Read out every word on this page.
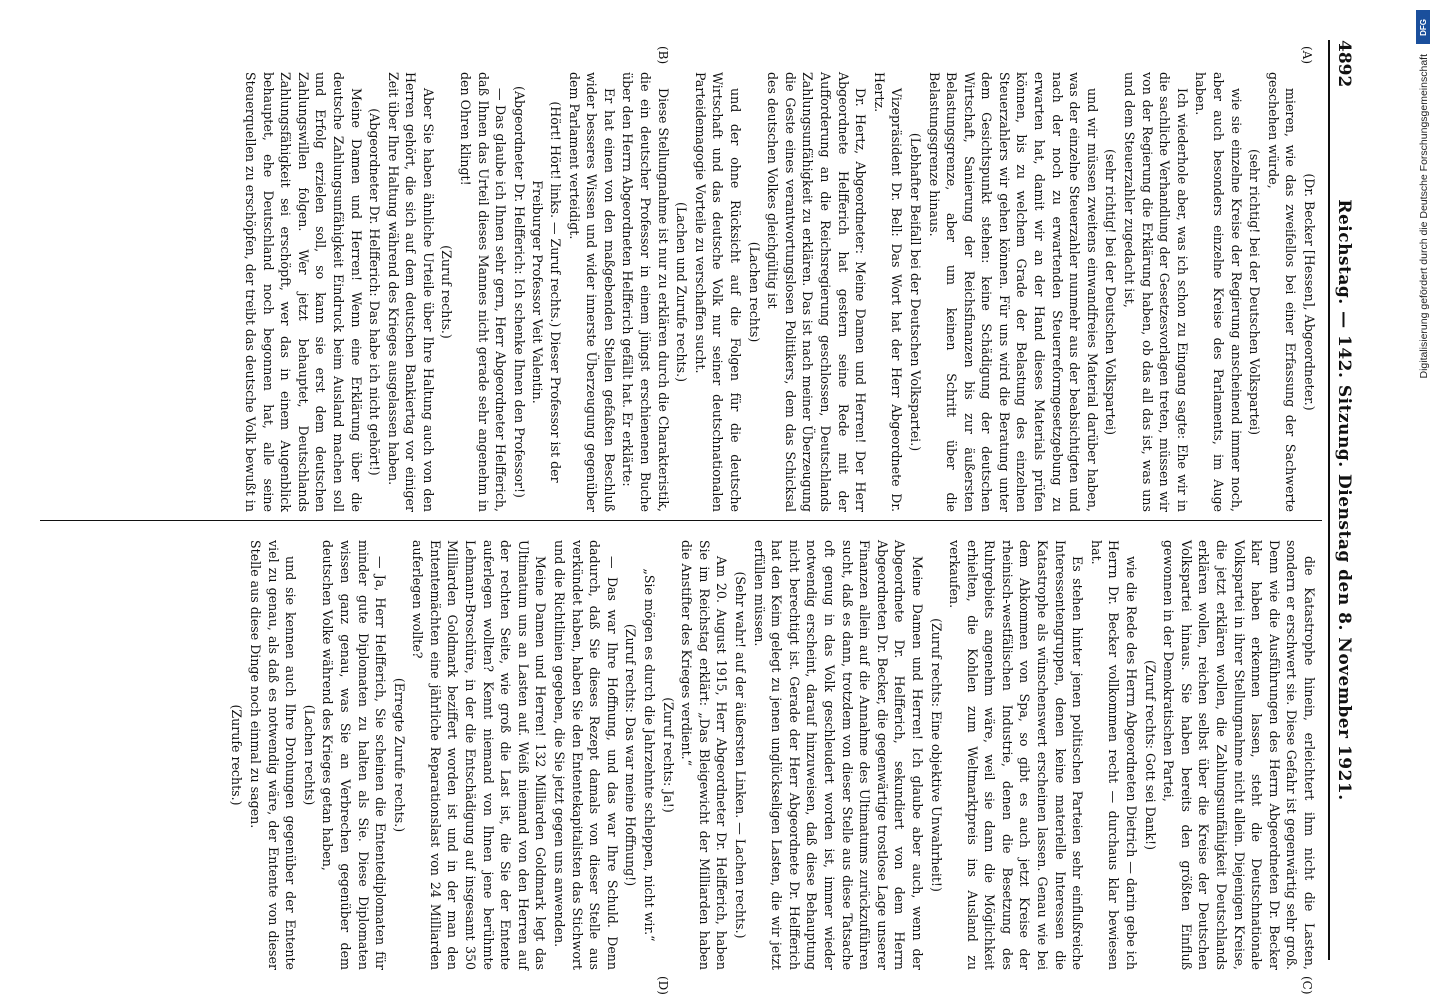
4892
Reichstag. — 142. Sitzung. Dienstag den 8. November 1921.
(A)
(B)
(C)
(D)

(Dr. Becker [Hessen], Abgeordneter.)

mieren, wie das zweifellos bei einer Erfassung der Sachwerte geschehen würde,

(sehr richtig! bei der Deutschen Volkspartei)

wie sie einzelne Kreise der Regierung anscheinend immer noch, aber auch besonders einzelne Kreise des Parlaments, im Auge haben.

Ich wiederhole aber, was ich schon zu Eingang sagte: Ehe wir in die sachliche Verhandlung der Gesetzesvorlagen treten, müssen wir von der Regierung die Erklärung haben, ob das all das ist, was uns und dem Steuerzahler zugedacht ist,

(sehr richtig! bei der Deutschen Volkspartei)

und wir müssen zweitens einwandfreies Material darüber haben, was der einzelne Steuerzahler nunmehr aus der beabsichtigten und nach der noch zu erwartenden Steuerreformgesetzgebung zu erwarten hat, damit wir an der Hand dieses Materials prüfen können, bis zu welchem Grade der Belastung des einzelnen Steuerzahlers wir gehen können. Für uns wird die Beratung unter dem Gesichtspunkt stehen: keine Schädigung der deutschen Wirtschaft, Sanierung der Reichsfinanzen bis zur äußersten Belastungsgrenze, aber um keinen Schritt über die Belastungsgrenze hinaus.

(Lebhafter Beifall bei der Deutschen Volkspartei.)

Vizepräsident Dr. Bell: Das Wort hat der Herr Abgeordnete Dr. Hertz.

Dr. Hertz, Abgeordneter: Meine Damen und Herren! Der Herr Abgeordnete Helfferich hat gestern seine Rede mit der Aufforderung an die Reichsregierung geschlossen, Deutschlands Zahlungsunfähigkeit zu erklären. Das ist nach meiner Überzeugung die Geste eines verantwortungslosen Politikers, dem das Schicksal des deutschen Volkes gleichgültig ist

(Lachen rechts)

und der ohne Rücksicht auf die Folgen für die deutsche Wirtschaft und das deutsche Volk nur seiner deutschnationalen Parteidemagogie Vorteile zu verschaffen sucht.

(Lachen und Zurufe rechts.)

Diese Stellungnahme ist nur zu erklären durch die Charakteristik, die ein deutscher Professor in einem jüngst erschienenen Buche über den Herrn Abgeordneten Helfferich gefällt hat. Er erklärte:

Er hat einen von den maßgebenden Stellen gefaßten Beschluß wider besseres Wissen und wider innerste Überzeugung gegenüber dem Parlament verteidigt.

(Hört! Hört! links. — Zuruf rechts.) Dieser Professor ist der Freiburger Professor Veit Valentin.

(Abgeordneter Dr. Helfferich: Ich schenke Ihnen den Professor!)

— Das glaube ich Ihnen sehr gern, Herr Abgeordneter Helfferich, daß Ihnen das Urteil dieses Mannes nicht gerade sehr angenehm in den Ohren klingt!

(Zuruf rechts.)

Aber Sie haben ähnliche Urteile über Ihre Haltung auch von den Herren gehört, die sich auf dem deutschen Bankiertag vor einiger Zeit über Ihre Haltung während des Krieges ausgelassen haben.

(Abgeordneter Dr. Helfferich: Das habe ich nicht gehört!)

Meine Damen und Herren! Wenn eine Erklärung über die deutsche Zahlungsunfähigkeit Eindruck beim Ausland machen soll und Erfolg erzielen soll, so kann sie erst dem deutschen Zahlungswillen folgen. Wer jetzt behauptet, Deutschlands Zahlungsfähigkeit sei erschöpft, wer das in einem Augenblick behauptet, ehe Deutschland noch begonnen hat, alle seine Steuerquellen zu erschöpfen, der treibt das deutsche Volk bewußt in

die Katastrophe hinein, erleichtert ihm nicht die Lasten, sondern er erschwert sie. Diese Gefahr ist gegenwärtig sehr groß. Denn wie die Ausführungen des Herrn Abgeordneten Dr. Becker klar haben erkennen lassen, steht die Deutschnationale Volkspartei in ihrer Stellungnahme nicht allein. Diejenigen Kreise, die jetzt erklären wollen, die Zahlungsunfähigkeit Deutschlands erklären wollen, reichen selbst über die Kreise der Deutschen Volkspartei hinaus. Sie haben bereits den größten Einfluß gewonnen in der Demokratischen Partei,

(Zuruf rechts: Gott sei Dank!)

wie die Rede des Herrn Abgeordneten Dietrich — darin gebe ich Herrn Dr. Becker vollkommen recht — durchaus klar bewiesen hat.

Es stehen hinter jenen politischen Parteien sehr einflußreiche Interessentengruppen, denen keine materielle Interessen die Katastrophe als wünschenswert erscheinen lassen. Genau wie bei dem Abkommen von Spa, so gibt es auch jetzt Kreise der rheinisch-westfälischen Industrie, denen die Besetzung des Ruhrgebiets angenehm wäre, weil sie dann die Möglichkeit erhielten, die Kohlen zum Weltmarktpreis ins Ausland zu verkaufen.

(Zuruf rechts: Eine objektive Unwahrheit!)

Meine Damen und Herren! Ich glaube aber auch, wenn der Abgeordnete Dr. Helfferich, sekundiert von dem Herrn Abgeordneten Dr. Becker, die gegenwärtige trostlose Lage unserer Finanzen allein auf die Annahme des Ultimatums zurückzuführen sucht, daß es dann, trotzdem von dieser Stelle aus diese Tatsache oft genug in das Volk geschleudert worden ist, immer wieder notwendig erscheint, darauf hinzuweisen, daß diese Behauptung nicht berechtigt ist. Gerade der Herr Abgeordnete Dr. Helfferich hat den Keim gelegt zu jenen unglückseligen Lasten, die wir jetzt erfüllen müssen.

(Sehr wahr! auf der äußersten Linken. — Lachen rechts.)

Am 20. August 1915, Herr Abgeordneter Dr. Helfferich, haben Sie im Reichstag erklärt: „Das Bleigewicht der Milliarden haben die Anstifter des Krieges verdient.“

(Zuruf rechts: Ja!)

„Sie mögen es durch die Jahrzehnte schleppen, nicht wir.“

(Zuruf rechts: Das war meine Hoffnung!)

— Das war Ihre Hoffnung, und das war Ihre Schuld. Denn dadurch, daß Sie dieses Rezept damals von dieser Stelle aus verkündet haben, haben Sie den Ententekapitalisten das Stichwort und die Richtlinien gegeben, die Sie jetzt gegen uns anwenden.

Meine Damen und Herren! 132 Milliarden Goldmark legt das Ultimatum uns an Lasten auf. Weiß niemand von den Herren auf der rechten Seite, wie groß die Last ist, die Sie der Entente auferlegen wollten? Kennt niemand von Ihnen jene berühmte Lehmann-Broschüre, in der die Entschädigung auf insgesamt 350 Milliarden Goldmark beziffert worden ist und in der man den Ententemächten eine jährliche Reparationslast von 24 Milliarden auferlegen wollte?

(Erregte Zurufe rechts.)

— Ja, Herr Helfferich, Sie scheinen die Ententediplomaten für minder gute Diplomaten zu halten als Sie. Diese Diplomaten wissen ganz genau, was Sie an Verbrechen gegenüber dem deutschen Volke während des Krieges getan haben,

(Lachen rechts)

und sie kennen auch Ihre Drohungen gegenüber der Entente viel zu genau, als daß es notwendig wäre, der Entente von dieser Stelle aus diese Dinge noch einmal zu sagen.

(Zurufe rechts.)

DFG
Digitalisierung gefördert durch die Deutsche Forschungsgemeinschaft
